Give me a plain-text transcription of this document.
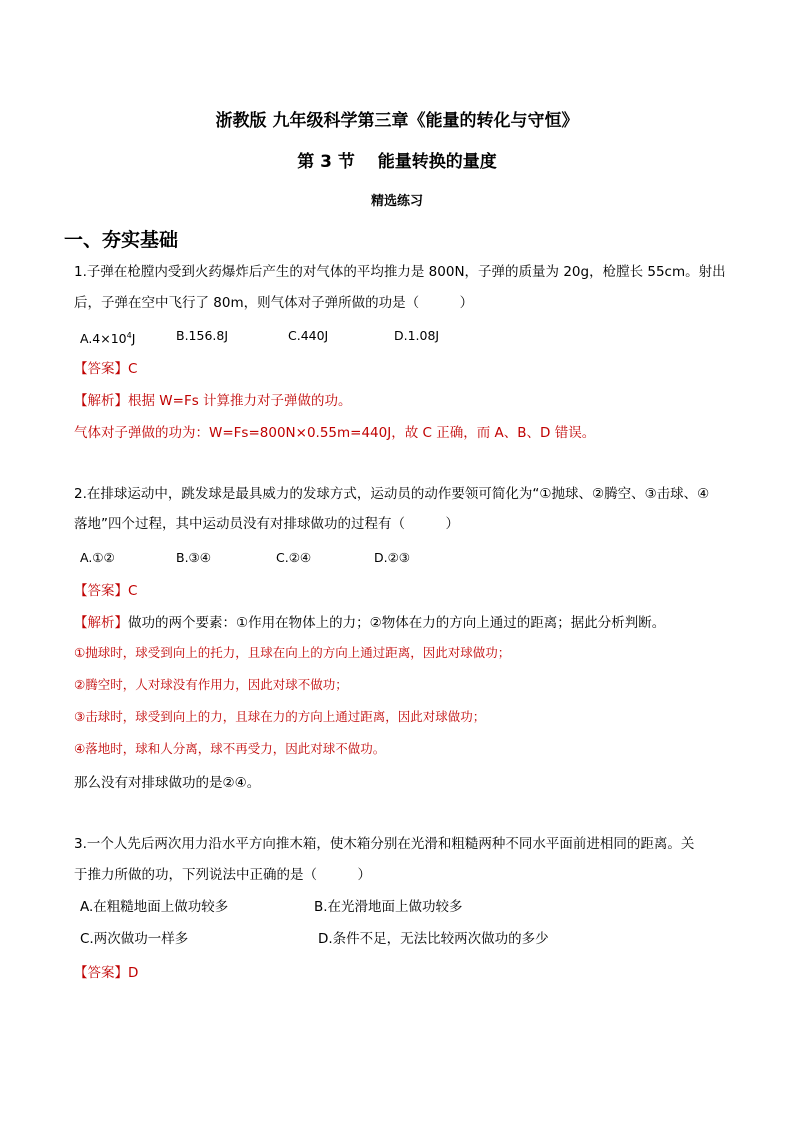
浙教版 九年级科学第三章《能量的转化与守恒》
第 3 节　 能量转换的量度
精选练习
一、夯实基础
1.子弹在枪膛内受到火药爆炸后产生的对气体的平均推力是 800N，子弹的质量为 20g，枪膛长 55cm。射出
后，子弹在空中飞行了 80m，则气体对子弹所做的功是（　　　）
$A.4\times 10^4J$	B.156.8J	C.440J	D.1.08J
【答案】C
【解析】根据 W=Fs 计算推力对子弹做的功。
气体对子弹做的功为：W=Fs=800N×0.55m=440J，故 C 正确，而 A、B、D 错误。
2.在排球运动中，跳发球是最具威力的发球方式，运动员的动作要领可简化为“①抛球、②腾空、③击球、④
落地”四个过程，其中运动员没有对排球做功的过程有（　　　）
A.①②	B.③④	C.②④	D.②③
【答案】C
【解析】做功的两个要素：①作用在物体上的力；②物体在力的方向上通过的距离；据此分析判断。
①抛球时，球受到向上的托力，且球在向上的方向上通过距离，因此对球做功；
②腾空时，人对球没有作用力，因此对球不做功；
③击球时，球受到向上的力，且球在力的方向上通过距离，因此对球做功；
④落地时，球和人分离，球不再受力，因此对球不做功。
那么没有对排球做功的是②④。
3.一个人先后两次用力沿水平方向推木箱，使木箱分别在光滑和粗糙两种不同水平面前进相同的距离。关
于推力所做的功，下列说法中正确的是（　　　）
A.在粗糙地面上做功较多	B.在光滑地面上做功较多
C.两次做功一样多	D.条件不足，无法比较两次做功的多少
【答案】D
